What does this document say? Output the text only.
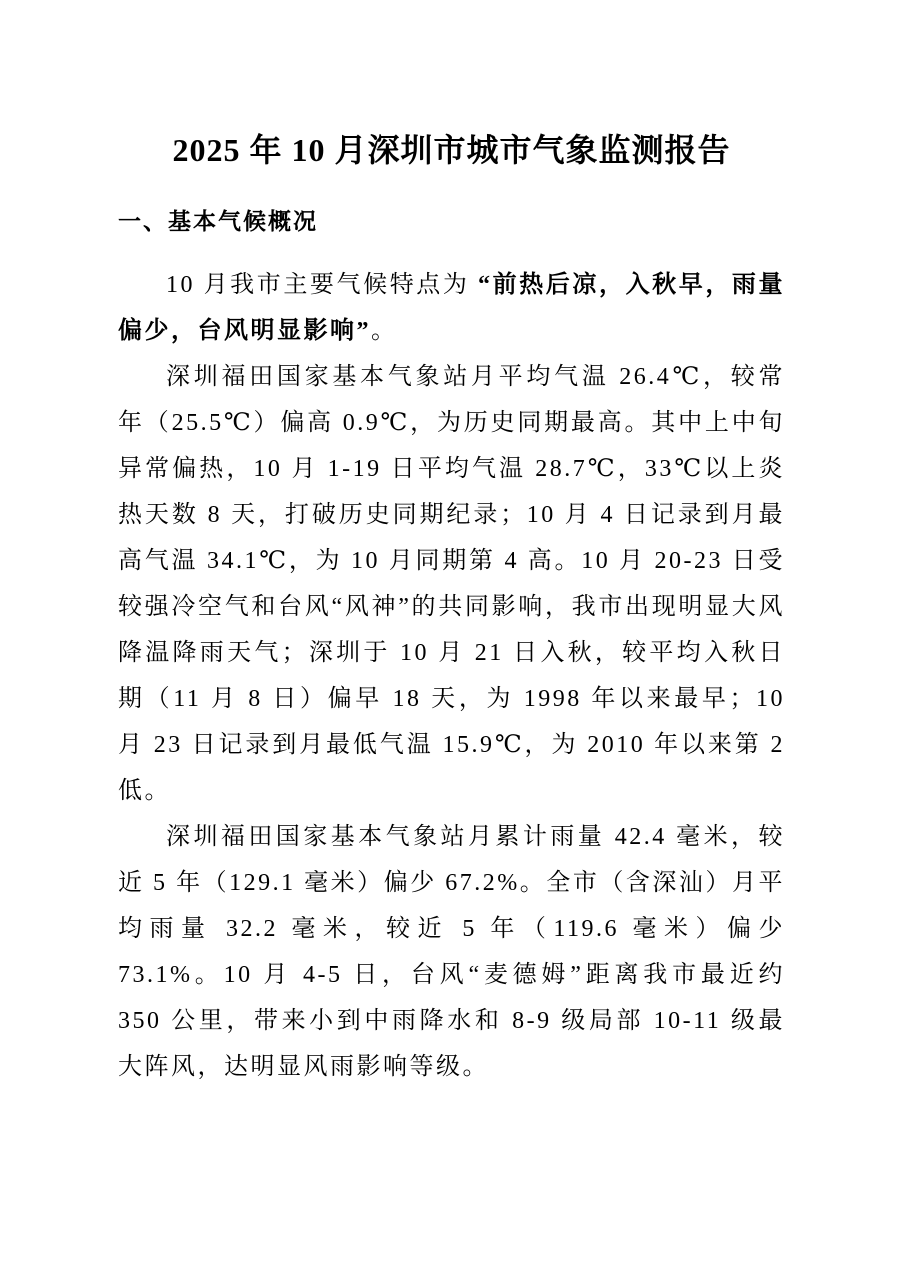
2025 年 10 月深圳市城市气象监测报告
一、基本气候概况

10 月我市主要气候特点为 “前热后凉，入秋早，雨量偏少，台风明显影响”。

深圳福田国家基本气象站月平均气温 26.4℃，较常年（25.5℃）偏高 0.9℃，为历史同期最高。其中上中旬异常偏热，10 月 1-19 日平均气温 28.7℃，33℃以上炎热天数 8 天，打破历史同期纪录；10 月 4 日记录到月最高气温 34.1℃，为 10 月同期第 4 高。10 月 20-23 日受较强冷空气和台风“风神”的共同影响，我市出现明显大风降温降雨天气；深圳于 10 月 21 日入秋，较平均入秋日期（11 月 8 日）偏早 18 天，为 1998 年以来最早；10 月 23 日记录到月最低气温 15.9℃，为 2010 年以来第 2 低。

深圳福田国家基本气象站月累计雨量 42.4 毫米，较近 5 年（129.1 毫米）偏少 67.2%。全市（含深汕）月平均雨量 32.2 毫米，较近 5 年（119.6 毫米）偏少 73.1%。10 月 4-5 日，台风“麦德姆”距离我市最近约 350 公里，带来小到中雨降水和 8-9 级局部 10-11 级最大阵风，达明显风雨影响等级。
